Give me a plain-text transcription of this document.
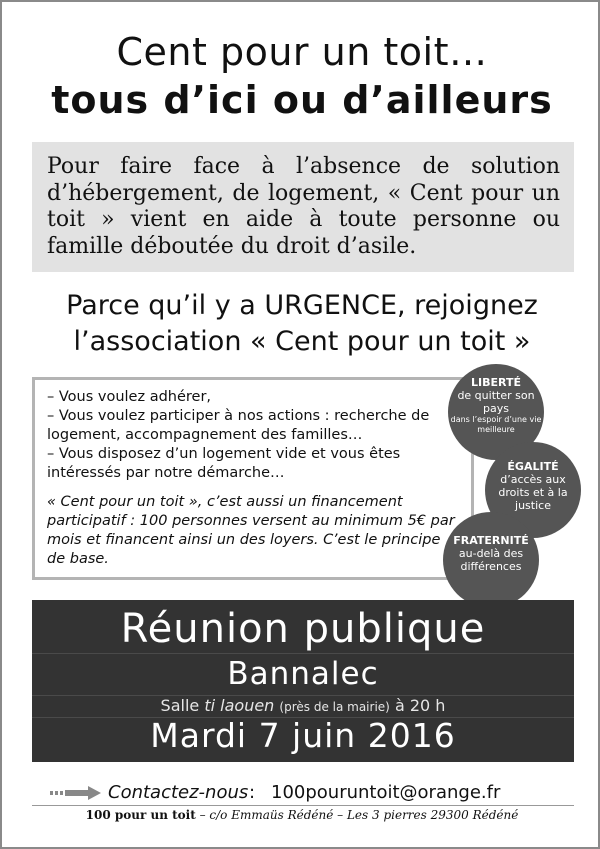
Cent pour un toit…
tous d’ici ou d’ailleurs
Pour faire face à l’absence de solution d’hébergement, de logement, « Cent pour un toit » vient en aide à toute personne ou famille déboutée du droit d’asile.
Parce qu’il y a URGENCE, rejoignez
l’association « Cent pour un toit »
– Vous voulez adhérer,
– Vous voulez participer à nos actions : recherche de logement, accompagnement des familles…
– Vous disposez d’un logement vide et vous êtes intéressés par notre démarche…
« Cent pour un toit », c’est aussi un financement participatif : 100 personnes versent au minimum 5€ par mois et financent ainsi un des loyers. C’est le principe de base.
LIBERTÉ
de quitter son pays
dans l’espoir d’une vie meilleure
ÉGALITÉ
d’accès aux droits et à la justice
FRATERNITÉ
au-delà des différences
Réunion publique
Bannalec
Salle ti laouen (près de la mairie) à 20 h
Mardi 7 juin 2016
Contactez-nous : 100pouruntoit@orange.fr
100 pour un toit – c/o Emmaüs Rédéné – Les 3 pierres 29300 Rédéné
